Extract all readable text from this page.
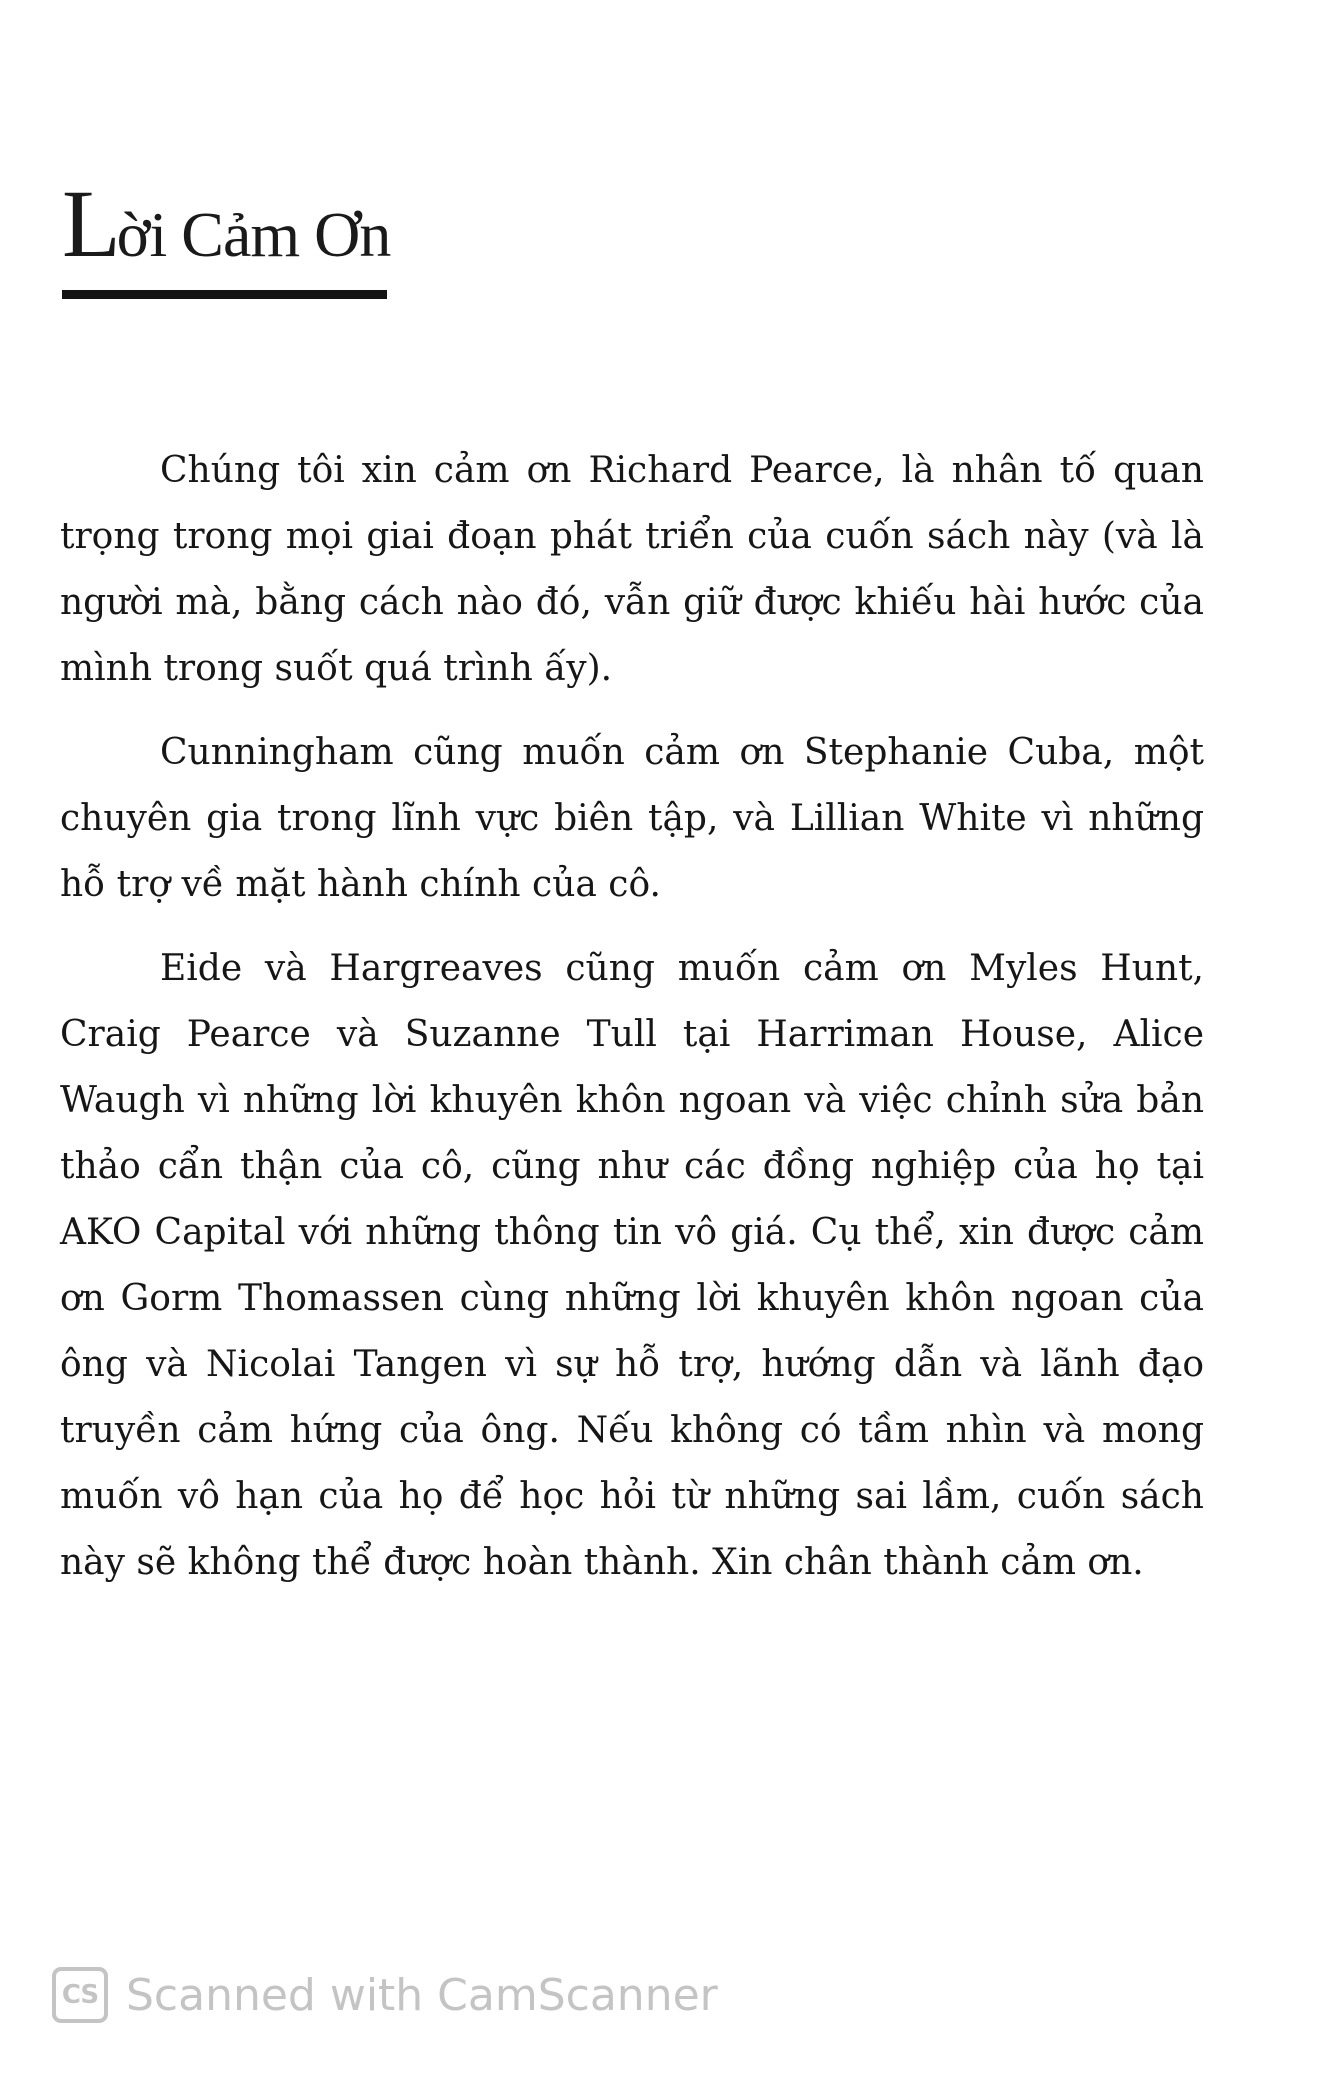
Lời Cảm Ơn

Chúng tôi xin cảm ơn Richard Pearce, là nhân tố quan trọng trong mọi giai đoạn phát triển của cuốn sách này (và là người mà, bằng cách nào đó, vẫn giữ được khiếu hài hước của mình trong suốt quá trình ấy).

Cunningham cũng muốn cảm ơn Stephanie Cuba, một chuyên gia trong lĩnh vực biên tập, và Lillian White vì những hỗ trợ về mặt hành chính của cô.

Eide và Hargreaves cũng muốn cảm ơn Myles Hunt, Craig Pearce và Suzanne Tull tại Harriman House, Alice Waugh vì những lời khuyên khôn ngoan và việc chỉnh sửa bản thảo cẩn thận của cô, cũng như các đồng nghiệp của họ tại AKO Capital với những thông tin vô giá. Cụ thể, xin được cảm ơn Gorm Thomassen cùng những lời khuyên khôn ngoan của ông và Nicolai Tangen vì sự hỗ trợ, hướng dẫn và lãnh đạo truyền cảm hứng của ông. Nếu không có tầm nhìn và mong muốn vô hạn của họ để học hỏi từ những sai lầm, cuốn sách này sẽ không thể được hoàn thành. Xin chân thành cảm ơn.

CS Scanned with CamScanner
